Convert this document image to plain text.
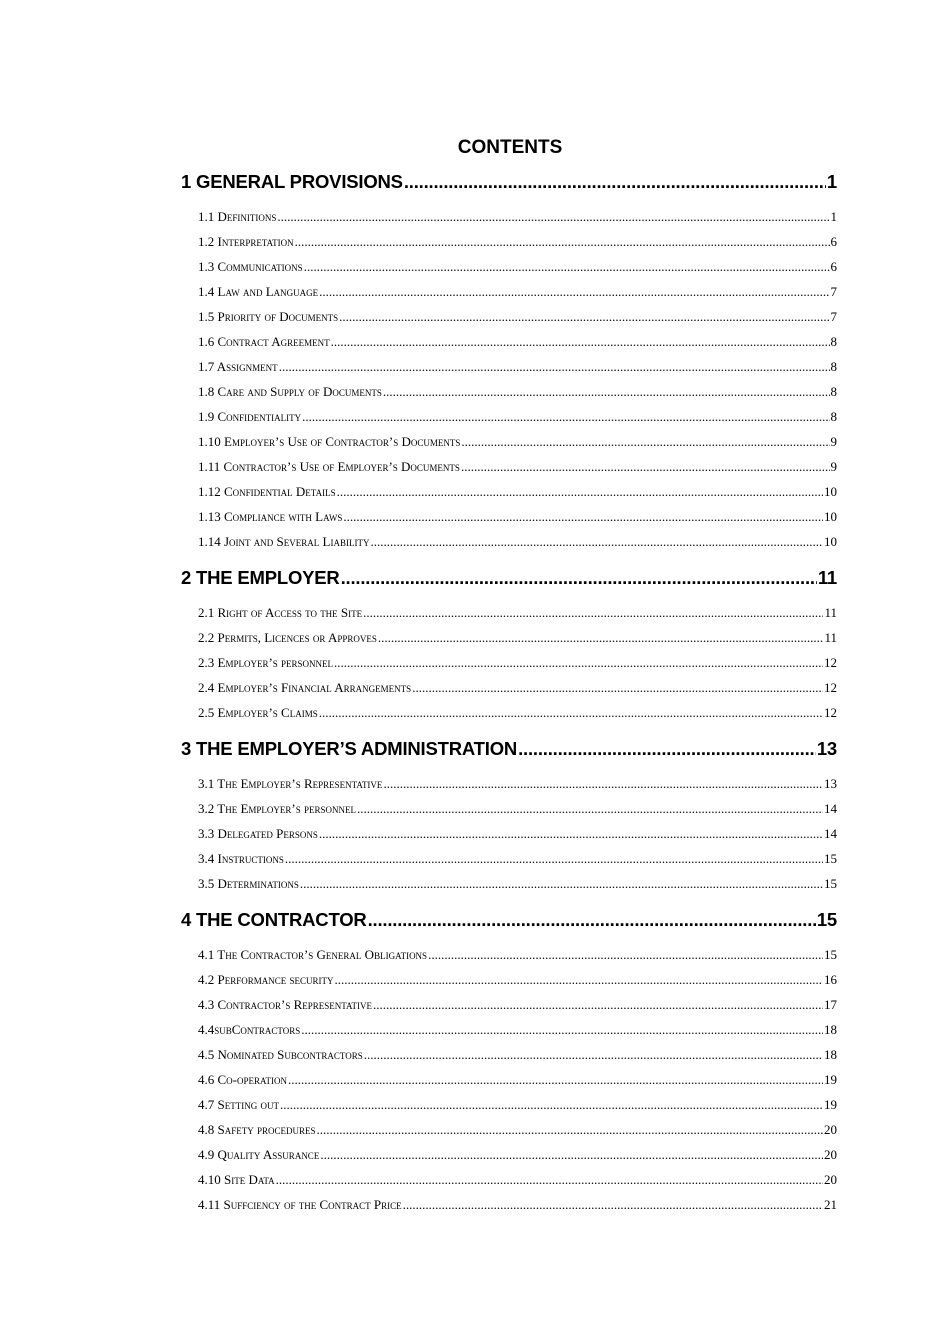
CONTENTS
1 GENERAL PROVISIONS .....	1
1.1 Definitions .....	1
1.2 Interpretation .....	6
1.3 Communications .....	6
1.4 Law and Language .....	7
1.5 Priority of Documents .....	7
1.6 Contract Agreement .....	8
1.7 Assignment .....	8
1.8 Care and Supply of Documents .....	8
1.9 Confidentiality .....	8
1.10 Employer’s Use of Contractor’s Documents .....	9
1.11 Contractor’s Use of Employer’s Documents .....	9
1.12 Confidential Details .....	10
1.13 Compliance with Laws .....	10
1.14 Joint and Several Liability .....	10
2 THE EMPLOYER .....	11
2.1 Right of Access to the Site .....	11
2.2 Permits, Licences or Approves .....	11
2.3 Employer’s personnel .....	12
2.4 Employer’s Financial Arrangements .....	12
2.5 Employer’s Claims .....	12
3 THE EMPLOYER’S ADMINISTRATION .....	13
3.1 The Employer’s Representative .....	13
3.2 The Employer’s personnel .....	14
3.3 Delegated Persons .....	14
3.4 Instructions .....	15
3.5 Determinations .....	15
4 THE CONTRACTOR .....	15
4.1 The Contractor’s General Obligations .....	15
4.2 Performance security .....	16
4.3 Contractor’s Representative .....	17
4.4subContractors .....	18
4.5 Nominated Subcontractors .....	18
4.6 Co-operation .....	19
4.7 Setting out .....	19
4.8 Safety procedures .....	20
4.9 Quality Assurance .....	20
4.10 Site Data .....	20
4.11 Suffciency of the Contract Price .....	21
